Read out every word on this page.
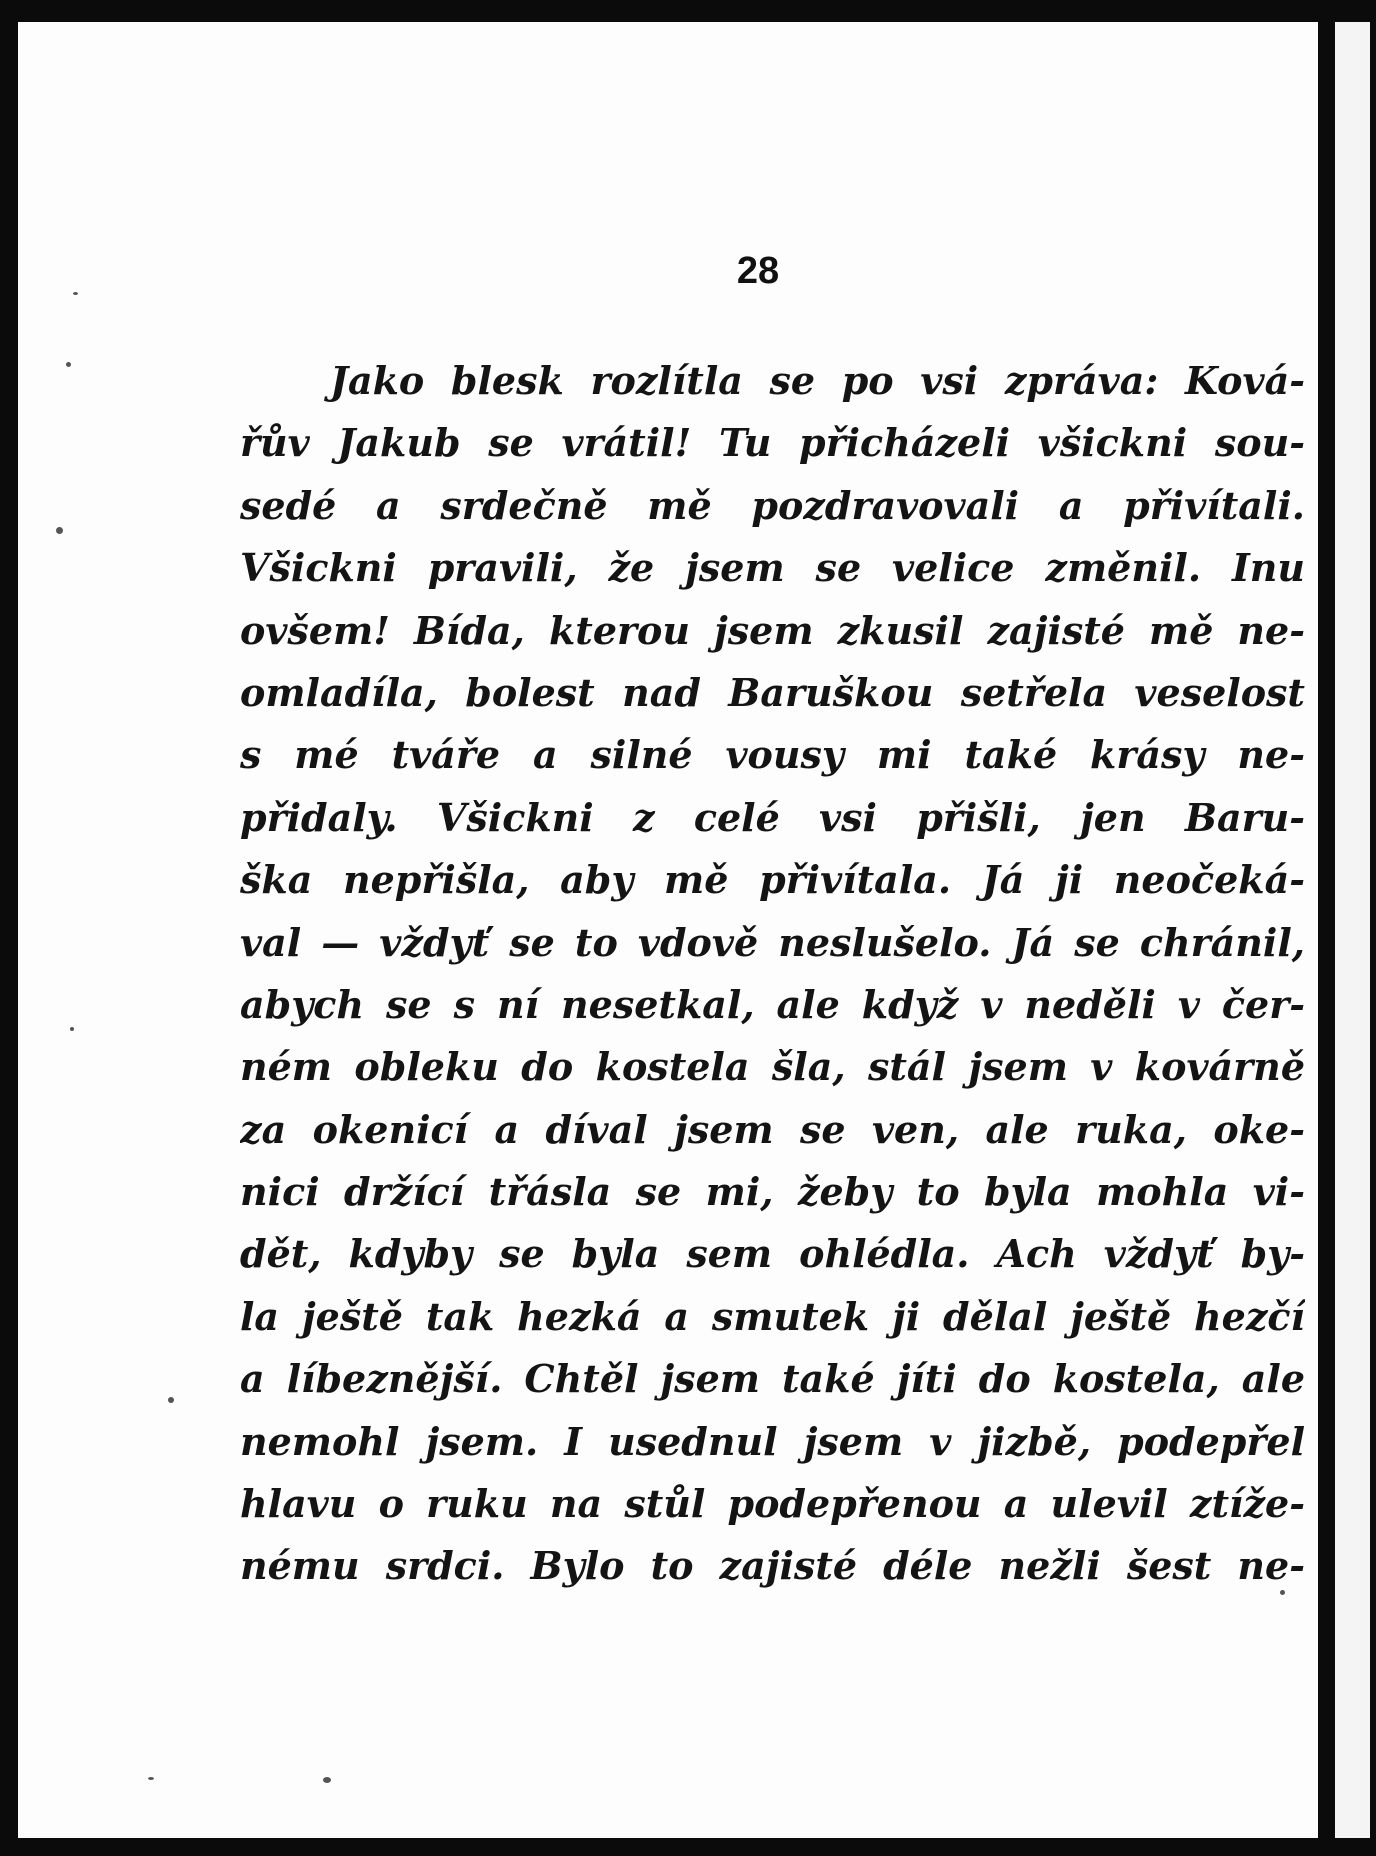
28

Jako blesk rozlítla se po vsi zpráva: Ková-
řův Jakub se vrátil! Tu přicházeli všickni sou-
sedé a srdečně mě pozdravovali a přivítali.
Všickni pravili, že jsem se velice změnil. Inu
ovšem! Bída, kterou jsem zkusil zajisté mě ne-
omladíla, bolest nad Baruškou setřela veselost
s mé tváře a silné vousy mi také krásy ne-
přidaly. Všickni z celé vsi přišli, jen Baru-
ška nepřišla, aby mě přivítala. Já ji neočeká-
val — vždyť se to vdově neslušelo. Já se chránil,
abych se s ní nesetkal, ale když v neděli v čer-
ném obleku do kostela šla, stál jsem v kovárně
za okenicí a díval jsem se ven, ale ruka, oke-
nici držící třásla se mi, žeby to byla mohla vi-
dět, kdyby se byla sem ohlédla. Ach vždyť by-
la ještě tak hezká a smutek ji dělal ještě hezčí
a líbeznější. Chtěl jsem také jíti do kostela, ale
nemohl jsem. I usednul jsem v jizbě, podepřel
hlavu o ruku na stůl podepřenou a ulevil ztíže-
nému srdci. Bylo to zajisté déle nežli šest ne-
